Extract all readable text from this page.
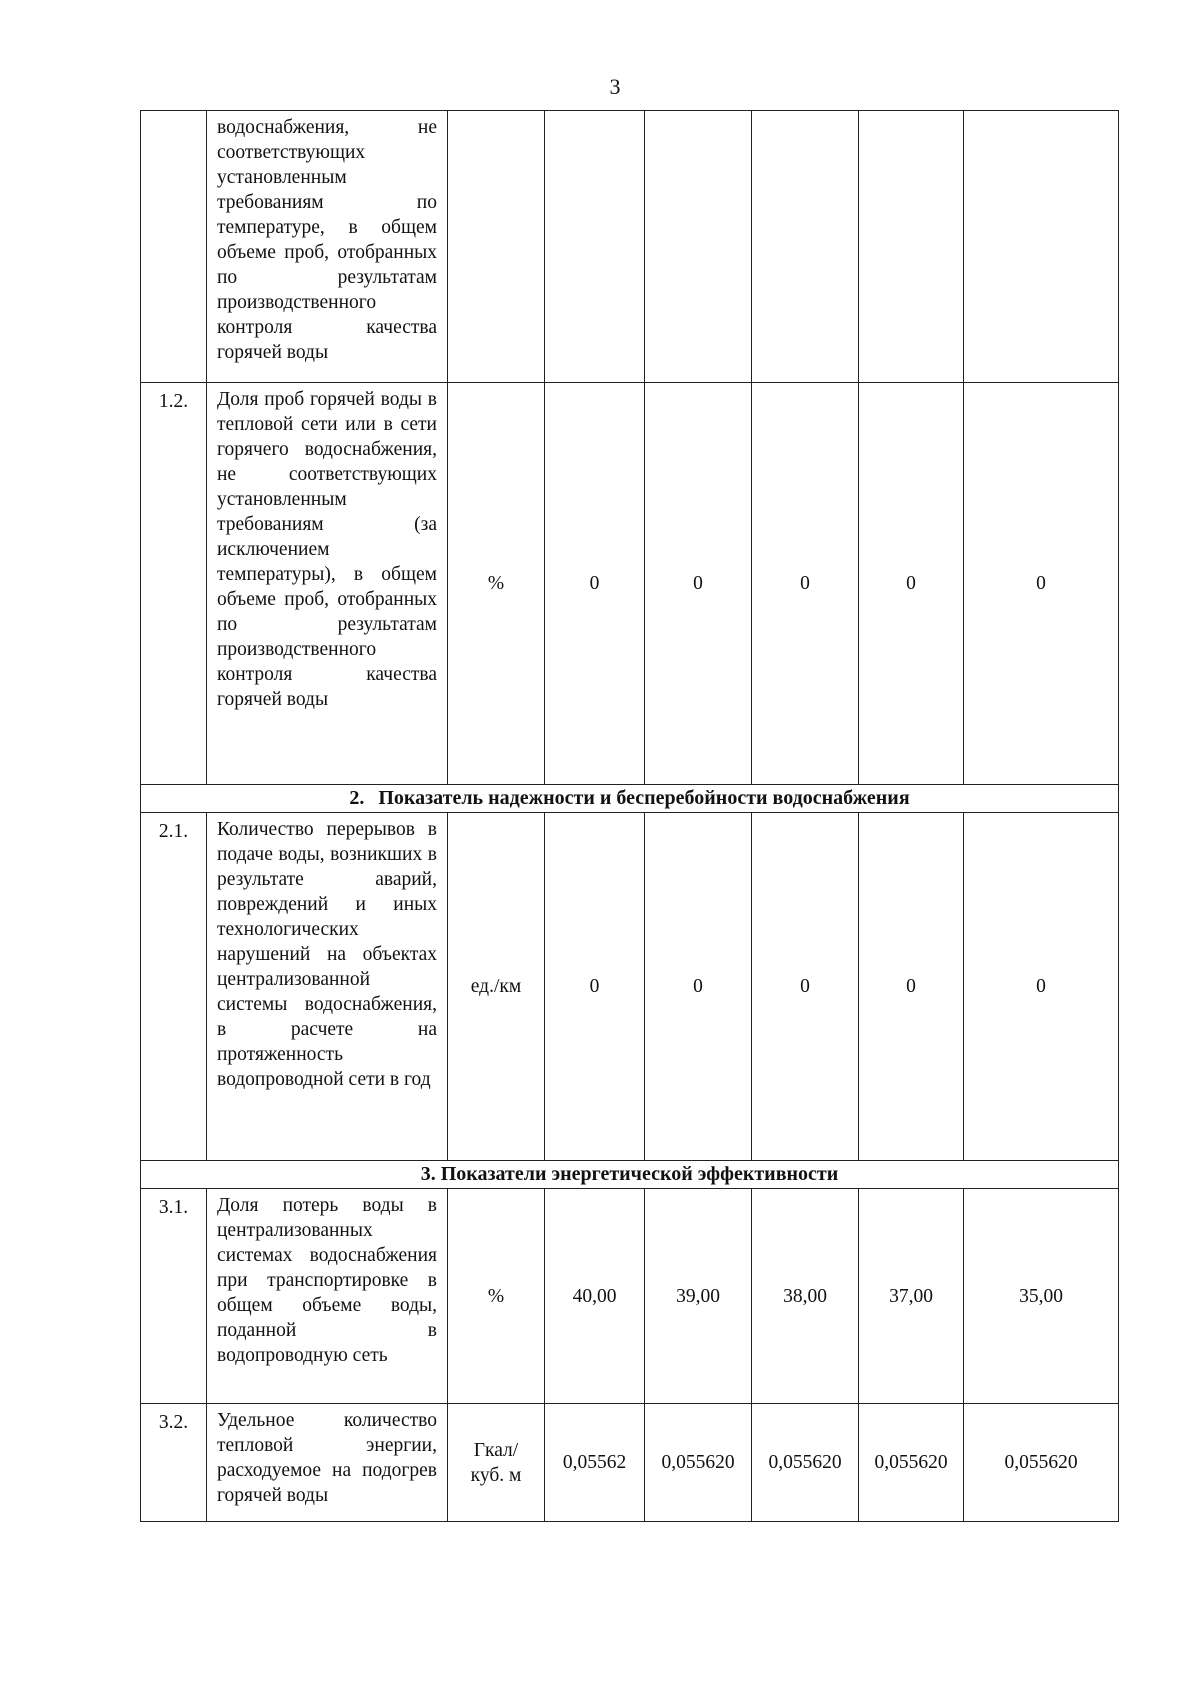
3
	водоснабжения, не соответствующих установленным требованиям по температуре, в общем объеме проб, отобранных по результатам производственного контроля качества горячей воды						
1.2.	Доля проб горячей воды в тепловой сети или в сети горячего водоснабжения, не соответствующих установленным требованиям (за исключением температуры), в общем объеме проб, отобранных по результатам производственного контроля качества горячей воды	%	0	0	0	0	0
2. Показатель надежности и бесперебойности водоснабжения							
2.1.	Количество перерывов в подаче воды, возникших в результате аварий, повреждений и иных технологических нарушений на объектах централизованной системы водоснабжения, в расчете на протяженность водопроводной сети в год	ед./км	0	0	0	0	0
3. Показатели энергетической эффективности							
3.1.	Доля потерь воды в централизованных системах водоснабжения при транспортировке в общем объеме воды, поданной в водопроводную сеть	%	40,00	39,00	38,00	37,00	35,00
3.2.	Удельное количество тепловой энергии, расходуемое на подогрев горячей воды	Гкал/ куб. м	0,05562	0,055620	0,055620	0,055620	0,055620
